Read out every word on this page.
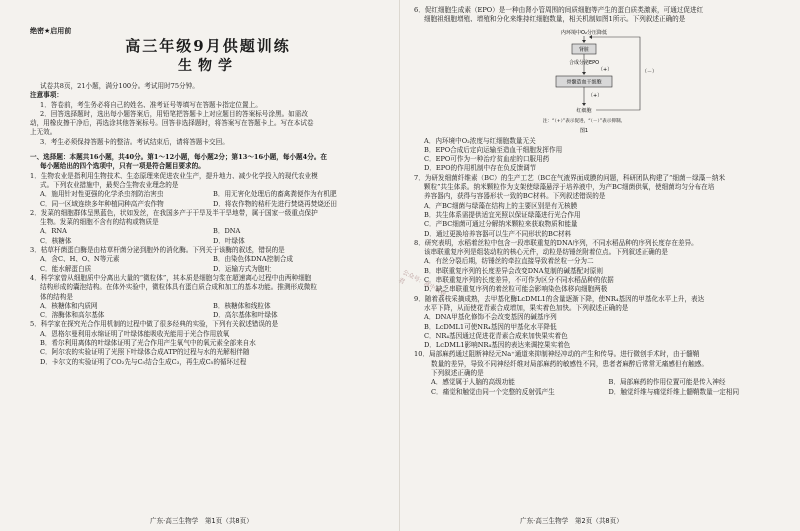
绝密★启用前

高三年级9月供题训练

生物学

试卷共8页，21小题，满分100分。考试用时75分钟。

注意事项：

1．答卷前，考生务必将自己的姓名、准考证号等填写在答题卡指定位置上。

2．回答选择题时，选出每小题答案后，用铅笔把答题卡上对应题目的答案标号涂黑。如需改

动，用橡皮擦干净后，再选涂其他答案标号。回答非选择题时，将答案写在答题卡上。写在本试卷

上无效。

3．考生必须保持答题卡的整洁。考试结束后，请将答题卡交回。

一、选择题：本题共16小题，共40分。第1～12小题，每小题2分；第13～16小题，每小题4分。在

每小题给出的四个选项中，只有一项是符合题目要求的。

1．生物农业是指利用生物技术、生态原理来促进农业生产，提升地力、减少化学投入的现代农业模

式。下列农业措施中，最契合生物农业理念的是

A．施用针对性更强的化学杀虫剂防治害虫	B．用无害化处理后的畜禽粪便作为有机肥

C．同一区域连续多年种植同种高产农作物	D．将农作物的秸秆先进行焚烧再焚烧还田

2．发菜的细胞群体呈黑蓝色，状如发丝，在我国多产于干旱及半干旱地带，属于国家一级重点保护

生物。发菜的细胞不含有的结构或物质是

A．RNA	B．DNA

C．核糖体	D．叶绿体

3．枯草杆菌蛋白酶是由枯草杆菌分泌到胞外的消化酶。下列关于该酶的叙述，错误的是

A．含C、H、O、N等元素	B．由染色体DNA控制合成

C．能水解蛋白质	D．运输方式为胞吐

4．科学家曾从细胞质中分离出大量的“微粒体”，其本质是细胞匀浆在超速离心过程中由两种细胞

结构形成的囊泡结构。在体外实验中，微粒体具有蛋白质合成和加工的基本功能。推测形成微粒

体的结构是

A．核糖体和内质网	B．核糖体和线粒体

C．溶酶体和高尔基体	D．高尔基体和叶绿体

5．科学家在探究光合作用机制的过程中做了很多经典的实验，下列有关叙述错误的是

A．恩格尔曼利用水绵证明了叶绿体能吸收光能用于光合作用放氧

B．希尔利用离体的叶绿体证明了光合作用产生氧气中的氧元素全部来自水

C．阿尔农的实验证明了光照下叶绿体合成ATP的过程与水的光解相伴随

D．卡尔文的实验证明了CO₂先与C₅结合生成C₃，再生成C₅的循环过程

广东·高三生物学　第1页（共8页）
公众号：高中试卷君

6．促红细胞生成素（EPO）是一种由肾小管周围的间质细胞等产生的蛋白质类激素，可通过促进红

细胞祖细胞增殖、增殖和分化来维持红细胞数量，相关机制如图1所示。下列叙述正确的是

内环境中O₂分压降低
肾脏
合成分泌EPO
（+）
骨髓造血干细胞
（+）
红细胞
（－）
注：“（+）”表示促进，“（－）”表示抑制。
图1

A．内环境中O₂浓度与红细胞数量无关

B．EPO合成后定向运输至造血干细胞发挥作用

C．EPO可作为一种治疗贫血症的口服用药

D．EPO的作用机制中存在负反馈调节

7．为研发细菌纤维素（BC）的生产工艺（BC在气液界面成膜的问题，科研团队构建了“细菌－绿藻－纳米

颗粒”共生体系。纳米颗粒作为支架使绿藻悬浮于培养液中，为产BC细菌供氧，使细菌均匀分布在培

养容器内，获得与容器形状一致的BC材料。下列叙述错误的是

A．产BC细菌与绿藻在结构上的主要区别是有无核膜

B．共生体系需提供适宜光照以保证绿藻进行光合作用

C．产BC细菌可通过分解纳米颗粒来获取物质和能量

D．通过更换培养容器可以生产不同形状的BC材料

8．研究表明，水稻着丝粒中包含一段串联重复的DNA序列，不同水稻品种的序列长度存在差异。

该串联重复序列是组装动粒的核心元件，动粒是纺锤丝附着位点。下列叙述正确的是

A．有丝分裂后期，纺锤丝的牵拉直接导致着丝粒一分为二

B．串联重复序列的长度差异会改变DNA复制的碱基配对原则

C．串联重复序列的长度差异，不可作为区分不同水稻品种的依据

D．缺乏串联重复序列的着丝粒可能会影响染色体移向细胞两极

9．随着荔枝采摘成熟，去甲基化酶LcDML1的含量逐渐下降，使NR₄基因的甲基化水平上升，表达

水平下降，从而使花青素合成增加，果实着色加快。下列叙述正确的是

A．DNA甲基化修饰不会改变基因的碱基序列

B．LcDML1可使NR₄基因的甲基化水平降低

C．NR₄基因通过促进花青素合成来加快果实着色

D．LcDML1影响NR₄基因的表达来调控果实着色

10．局部麻药通过阻断神经元Na⁺通道来抑制神经冲动的产生和传导。进行微创手术时，由于髓鞘

数量的差异，导致不同神经纤维对局部麻药的敏感性不同，患者者麻醉后常常无痛感但有触感。

下列叙述正确的是

A．感觉属于人脑的高级功能	B．局部麻药的作用位置可能是传入神经

C．痛觉和触觉由同一个完整的反射弧产生	D．触觉纤维与痛觉纤维上髓鞘数量一定相同

广东·高三生物学　第2页（共8页）
